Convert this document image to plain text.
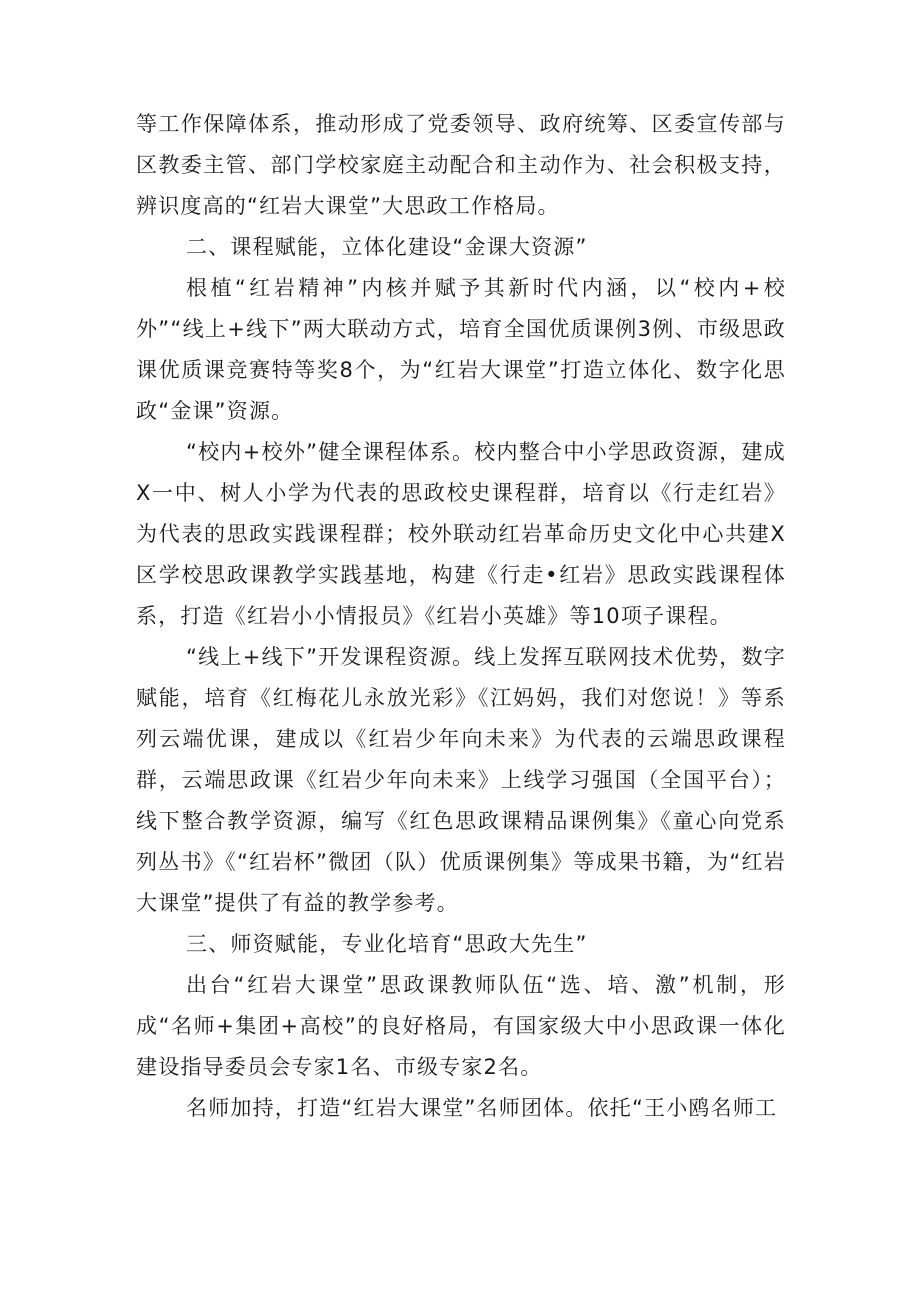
等工作保障体系，推动形成了党委领导、政府统筹、区委宣传部与区教委主管、部门学校家庭主动配合和主动作为、社会积极支持，辨识度高的“红岩大课堂”大思政工作格局。

二、课程赋能，立体化建设“金课大资源”

根植“红岩精神”内核并赋予其新时代内涵，以“校内+校外”“线上+线下”两大联动方式，培育全国优质课例3例、市级思政课优质课竞赛特等奖8个，为“红岩大课堂”打造立体化、数字化思政“金课”资源。

“校内+校外”健全课程体系。校内整合中小学思政资源，建成X一中、树人小学为代表的思政校史课程群，培育以《行走红岩》为代表的思政实践课程群；校外联动红岩革命历史文化中心共建X区学校思政课教学实践基地，构建《行走•红岩》思政实践课程体系，打造《红岩小小情报员》《红岩小英雄》等10项子课程。

“线上+线下”开发课程资源。线上发挥互联网技术优势，数字赋能，培育《红梅花儿永放光彩》《江妈妈，我们对您说！》等系列云端优课，建成以《红岩少年向未来》为代表的云端思政课程群，云端思政课《红岩少年向未来》上线学习强国（全国平台）；线下整合教学资源，编写《红色思政课精品课例集》《童心向党系列丛书》《“红岩杯”微团（队）优质课例集》等成果书籍，为“红岩大课堂”提供了有益的教学参考。

三、师资赋能，专业化培育“思政大先生”

出台“红岩大课堂”思政课教师队伍“选、培、激”机制，形成“名师+集团+高校”的良好格局，有国家级大中小思政课一体化建设指导委员会专家1名、市级专家2名。

名师加持，打造“红岩大课堂”名师团体。依托“王小鸥名师工
